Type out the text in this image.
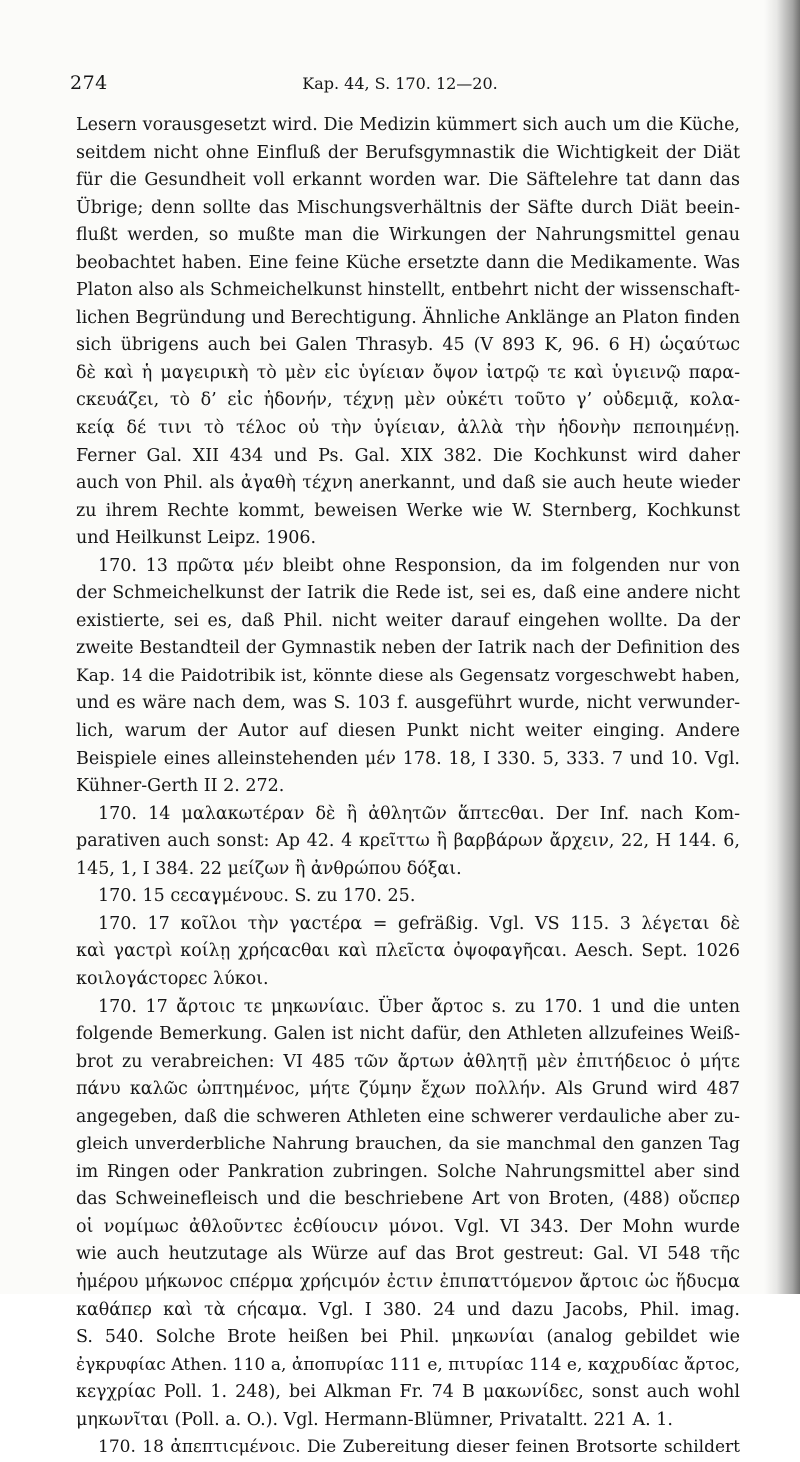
274	Kap. 44, S. 170. 12—20.
Lesern vorausgesetzt wird. Die Medizin kümmert sich auch um die Küche,
seitdem nicht ohne Einfluß der Berufsgymnastik die Wichtigkeit der Diät
für die Gesundheit voll erkannt worden war. Die Säftelehre tat dann das
Übrige; denn sollte das Mischungsverhältnis der Säfte durch Diät beein-
flußt werden, so mußte man die Wirkungen der Nahrungsmittel genau
beobachtet haben. Eine feine Küche ersetzte dann die Medikamente. Was
Platon also als Schmeichelkunst hinstellt, entbehrt nicht der wissenschaft-
lichen Begründung und Berechtigung. Ähnliche Anklänge an Platon finden
sich übrigens auch bei Galen Thrasyb. 45 (V 893 K, 96. 6 H) ὡςαύτωϲ
δὲ καὶ ἡ μαγειρικὴ τὸ μὲν εἰϲ ὑγίειαν ὄψον ἰατρῷ τε καὶ ὑγιεινῷ παρα-
ϲκευάζει, τὸ δ’ εἰϲ ἡδονήν, τέχνῃ μὲν οὐκέτι τοῦτο γ’ οὐδεμιᾷ, κολα-
κείᾳ δέ τινι τὸ τέλοϲ οὐ τὴν ὑγίειαν, ἀλλὰ τὴν ἡδονὴν πεποιημένῃ.
Ferner Gal. XII 434 und Ps. Gal. XIX 382. Die Kochkunst wird daher
auch von Phil. als ἀγαθὴ τέχνη anerkannt, und daß sie auch heute wieder
zu ihrem Rechte kommt, beweisen Werke wie W. Sternberg, Kochkunst
und Heilkunst Leipz. 1906.
170. 13 πρῶτα μέν bleibt ohne Responsion, da im folgenden nur von
der Schmeichelkunst der Iatrik die Rede ist, sei es, daß eine andere nicht
existierte, sei es, daß Phil. nicht weiter darauf eingehen wollte. Da der
zweite Bestandteil der Gymnastik neben der Iatrik nach der Definition des
Kap. 14 die Paidotribik ist, könnte diese als Gegensatz vorgeschwebt haben,
und es wäre nach dem, was S. 103 f. ausgeführt wurde, nicht verwunder-
lich, warum der Autor auf diesen Punkt nicht weiter einging. Andere
Beispiele eines alleinstehenden μέν 178. 18, I 330. 5, 333. 7 und 10. Vgl.
Kühner-Gerth II 2. 272.
170. 14 μαλακωτέραν δὲ ἢ ἀθλητῶν ἅπτεϲθαι. Der Inf. nach Kom-
parativen auch sonst: Ap 42. 4 κρεῖττω ἢ βαρβάρων ἄρχειν, 22, H 144. 6,
145, 1, I 384. 22 μείζων ἢ ἀνθρώπου δόξαι.
170. 15 ϲεϲαγμένουϲ. S. zu 170. 25.
170. 17 κοῖλοι τὴν γαϲτέρα = gefräßig. Vgl. VS 115. 3 λέγεται δὲ
καὶ γαϲτρὶ κοίλῃ χρήϲαϲθαι καὶ πλεῖϲτα ὀψοφαγῆϲαι. Aesch. Sept. 1026
κοιλογάϲτορεϲ λύκοι.
170. 17 ἄρτοιϲ τε μηκωνίαιϲ. Über ἄρτοϲ s. zu 170. 1 und die unten
folgende Bemerkung. Galen ist nicht dafür, den Athleten allzufeines Weiß-
brot zu verabreichen: VI 485 τῶν ἄρτων ἀθλητῇ μὲν ἐπιτήδειοϲ ὁ μήτε
πάνυ καλῶϲ ὠπτημένοϲ, μήτε ζύμην ἔχων πολλήν. Als Grund wird 487
angegeben, daß die schweren Athleten eine schwerer verdauliche aber zu-
gleich unverderbliche Nahrung brauchen, da sie manchmal den ganzen Tag
im Ringen oder Pankration zubringen. Solche Nahrungsmittel aber sind
das Schweinefleisch und die beschriebene Art von Broten, (488) οὔϲπερ
οἱ νομίμωϲ ἀθλοῦντεϲ ἐϲθίουϲιν μόνοι. Vgl. VI 343. Der Mohn wurde
wie auch heutzutage als Würze auf das Brot gestreut: Gal. VI 548 τῆϲ
ἡμέρου μήκωνοϲ ϲπέρμα χρήϲιμόν ἐϲτιν ἐπιπαττόμενον ἄρτοιϲ ὡϲ ἥδυϲμα
καθάπερ καὶ τὰ ϲήϲαμα. Vgl. I 380. 24 und dazu Jacobs, Phil. imag.
S. 540. Solche Brote heißen bei Phil. μηκωνίαι (analog gebildet wie
ἐγκρυφίαϲ Athen. 110 a, ἀποπυρίαϲ 111 e, πιτυρίαϲ 114 e, καχρυδίαϲ ἄρτοϲ,
κεγχρίαϲ Poll. 1. 248), bei Alkman Fr. 74 B μακωνίδεϲ, sonst auch wohl
μηκωνῖται (Poll. a. O.). Vgl. Hermann-Blümner, Privataltt. 221 A. 1.
170. 18 ἀπεπτιϲμένοιϲ. Die Zubereitung dieser feinen Brotsorte schildert
